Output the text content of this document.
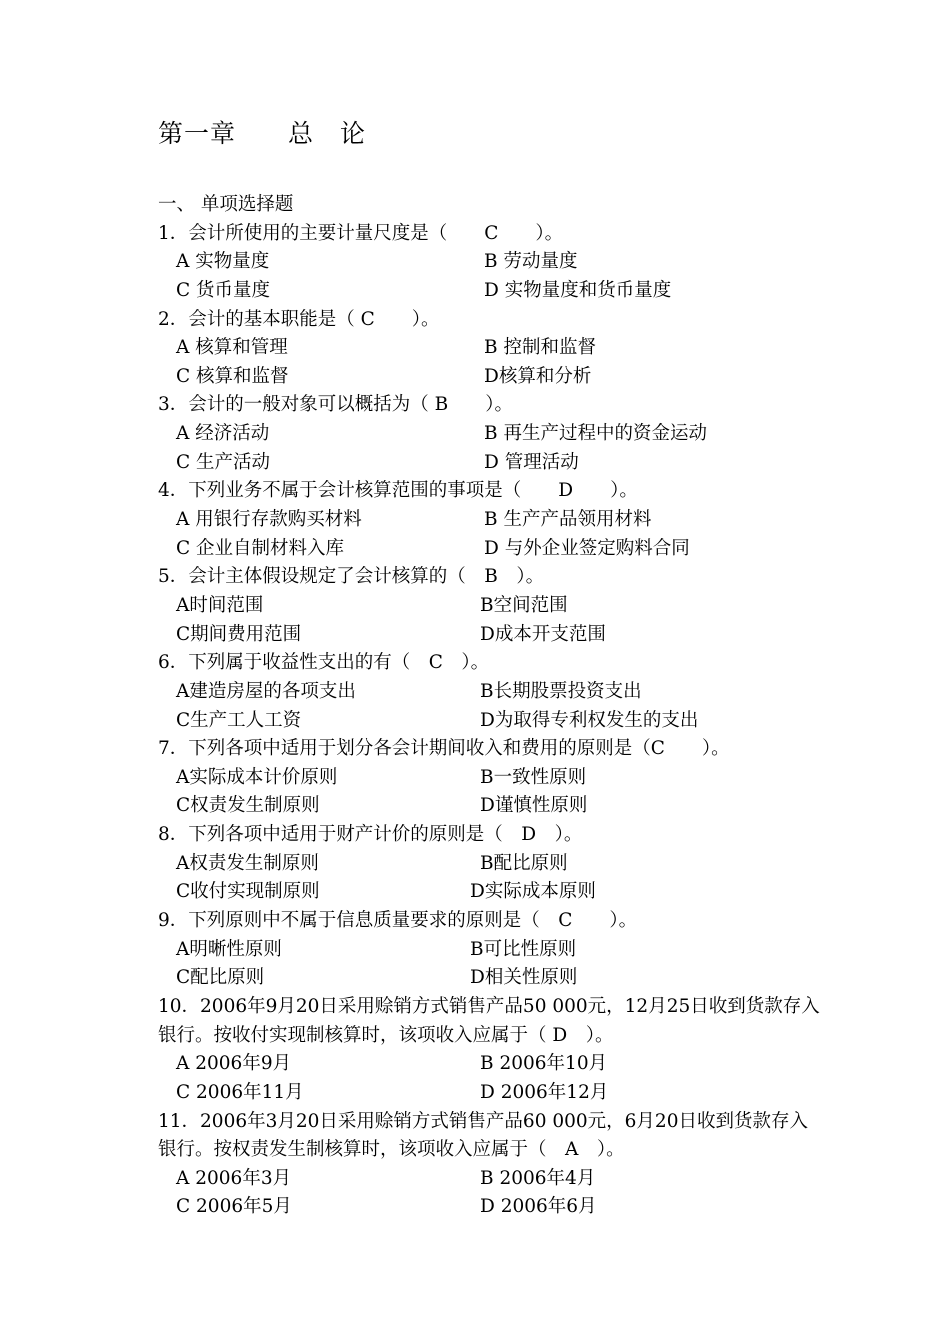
第一章　　总　论
一、 单项选择题
1．会计所使用的主要计量尺度是（　　C　　）。
A 实物量度	B 劳动量度
C 货币量度	D 实物量度和货币量度
2．会计的基本职能是（ C　　）。
A 核算和管理	B 控制和监督
C 核算和监督	D核算和分析
3．会计的一般对象可以概括为（ B　　）。
A 经济活动	B 再生产过程中的资金运动
C 生产活动	D 管理活动
4．下列业务不属于会计核算范围的事项是（　　D　　）。
A 用银行存款购买材料	B 生产产品领用材料
C 企业自制材料入库	D 与外企业签定购料合同
5．会计主体假设规定了会计核算的（　B　）。
A时间范围	B空间范围
C期间费用范围	D成本开支范围
6．下列属于收益性支出的有（　C　）。
A建造房屋的各项支出	B长期股票投资支出
C生产工人工资	D为取得专利权发生的支出
7．下列各项中适用于划分各会计期间收入和费用的原则是（C　　）。
A实际成本计价原则	B一致性原则
C权责发生制原则	D谨慎性原则
8．下列各项中适用于财产计价的原则是（　D　）。
A权责发生制原则	B配比原则
C收付实现制原则	D实际成本原则
9．下列原则中不属于信息质量要求的原则是（　C　　）。
A明晰性原则	B可比性原则
C配比原则	D相关性原则
10．2006年9月20日采用赊销方式销售产品50 000元，12月25日收到货款存入
银行。按收付实现制核算时，该项收入应属于（ D　）。
A 2006年9月	B 2006年10月
C 2006年11月	D 2006年12月
11．2006年3月20日采用赊销方式销售产品60 000元，6月20日收到货款存入
银行。按权责发生制核算时，该项收入应属于（　A　）。
A 2006年3月	B 2006年4月
C 2006年5月	D 2006年6月
